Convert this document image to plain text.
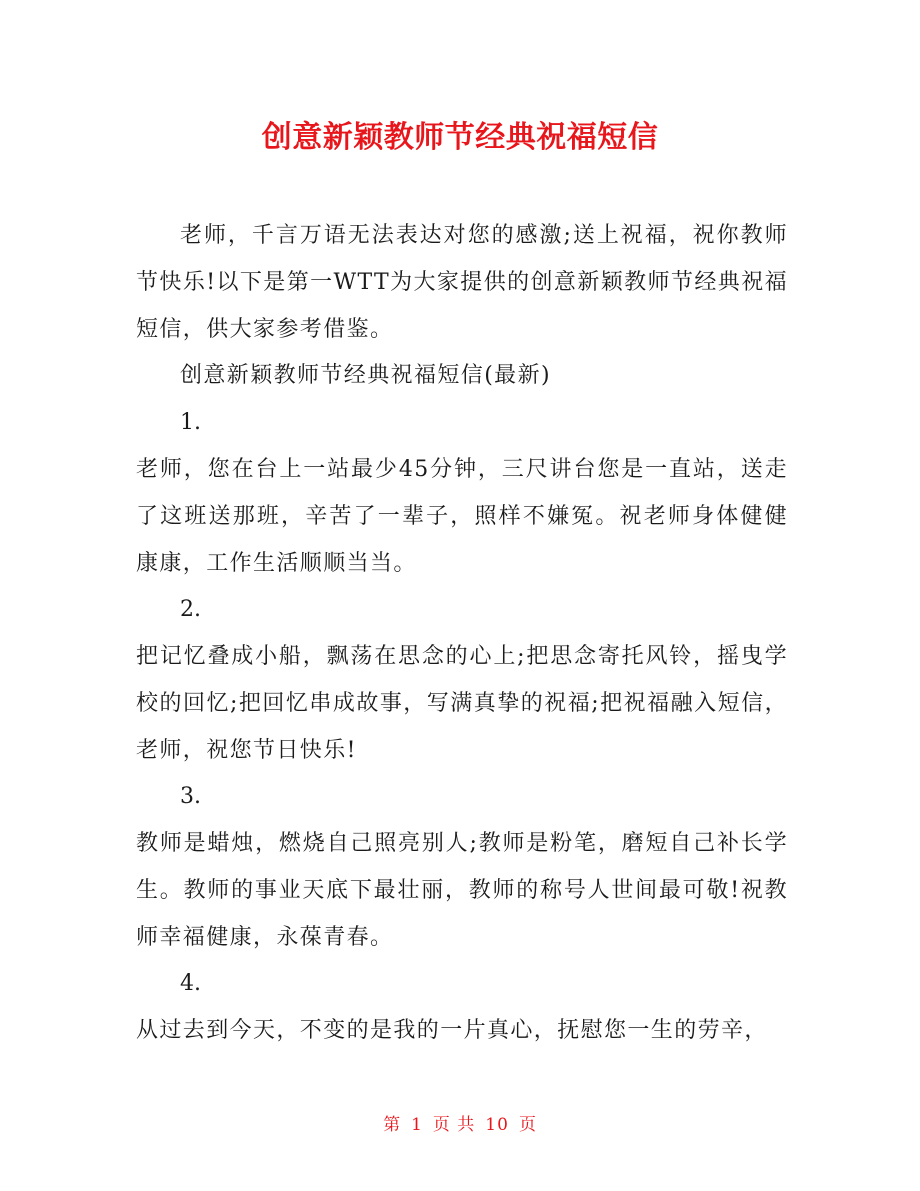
创意新颖教师节经典祝福短信
老师，千言万语无法表达对您的感激;送上祝福，祝你教师节快乐!以下是第一WTT为大家提供的创意新颖教师节经典祝福短信，供大家参考借鉴。
创意新颖教师节经典祝福短信(最新)
1.
老师，您在台上一站最少45分钟，三尺讲台您是一直站，送走了这班送那班，辛苦了一辈子，照样不嫌冤。祝老师身体健健康康，工作生活顺顺当当。
2.
把记忆叠成小船，飘荡在思念的心上;把思念寄托风铃，摇曳学校的回忆;把回忆串成故事，写满真挚的祝福;把祝福融入短信，老师，祝您节日快乐!
3.
教师是蜡烛，燃烧自己照亮别人;教师是粉笔，磨短自己补长学生。教师的事业天底下最壮丽，教师的称号人世间最可敬!祝教师幸福健康，永葆青春。
4.
从过去到今天，不变的是我的一片真心，抚慰您一生的劳辛，
第 1 页 共 10 页
